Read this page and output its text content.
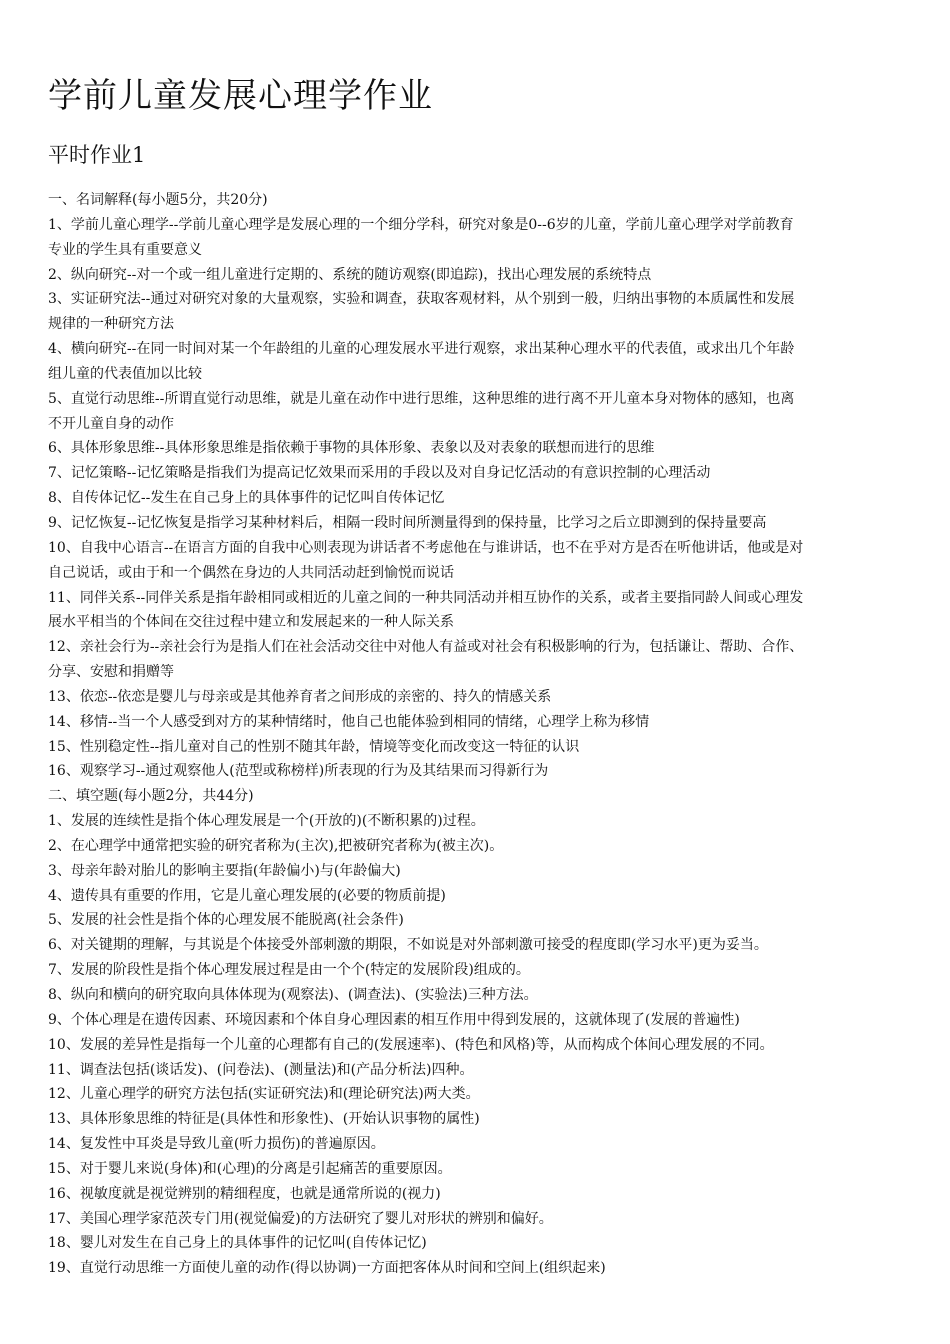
学前儿童发展心理学作业
平时作业1

一、名词解释(每小题5分，共20分)

1、学前儿童心理学--学前儿童心理学是发展心理的一个细分学科，研究对象是0--6岁的儿童，学前儿童心理学对学前教育

专业的学生具有重要意义

2、纵向研究--对一个或一组儿童进行定期的、系统的随访观察(即追踪)，找出心理发展的系统特点

3、实证研究法--通过对研究对象的大量观察，实验和调查，获取客观材料，从个别到一般，归纳出事物的本质属性和发展

规律的一种研究方法

4、横向研究--在同一时间对某一个年龄组的儿童的心理发展水平进行观察，求出某种心理水平的代表值，或求出几个年龄

组儿童的代表值加以比较

5、直觉行动思维--所谓直觉行动思维，就是儿童在动作中进行思维，这种思维的进行离不开儿童本身对物体的感知，也离

不开儿童自身的动作

6、具体形象思维--具体形象思维是指依赖于事物的具体形象、表象以及对表象的联想而进行的思维

7、记忆策略--记忆策略是指我们为提高记忆效果而采用的手段以及对自身记忆活动的有意识控制的心理活动

8、自传体记忆--发生在自己身上的具体事件的记忆叫自传体记忆

9、记忆恢复--记忆恢复是指学习某种材料后，相隔一段时间所测量得到的保持量，比学习之后立即测到的保持量要高

10、自我中心语言--在语言方面的自我中心则表现为讲话者不考虑他在与谁讲话，也不在乎对方是否在听他讲话，他或是对

自己说话，或由于和一个偶然在身边的人共同活动赶到愉悦而说话

11、同伴关系--同伴关系是指年龄相同或相近的儿童之间的一种共同活动并相互协作的关系，或者主要指同龄人间或心理发

展水平相当的个体间在交往过程中建立和发展起来的一种人际关系

12、亲社会行为--亲社会行为是指人们在社会活动交往中对他人有益或对社会有积极影响的行为，包括谦让、帮助、合作、

分享、安慰和捐赠等

13、依恋--依恋是婴儿与母亲或是其他养育者之间形成的亲密的、持久的情感关系

14、移情--当一个人感受到对方的某种情绪时，他自己也能体验到相同的情绪，心理学上称为移情

15、性别稳定性--指儿童对自己的性别不随其年龄，情境等变化而改变这一特征的认识

16、观察学习--通过观察他人(范型或称榜样)所表现的行为及其结果而习得新行为

二、填空题(每小题2分，共44分)

1、发展的连续性是指个体心理发展是一个(开放的)(不断积累的)过程。

2、在心理学中通常把实验的研究者称为(主次),把被研究者称为(被主次)。

3、母亲年龄对胎儿的影响主要指(年龄偏小)与(年龄偏大)

4、遗传具有重要的作用，它是儿童心理发展的(必要的物质前提)

5、发展的社会性是指个体的心理发展不能脱离(社会条件)

6、对关键期的理解，与其说是个体接受外部刺激的期限，不如说是对外部刺激可接受的程度即(学习水平)更为妥当。

7、发展的阶段性是指个体心理发展过程是由一个个(特定的发展阶段)组成的。

8、纵向和横向的研究取向具体体现为(观察法)、(调查法)、(实验法)三种方法。

9、个体心理是在遗传因素、环境因素和个体自身心理因素的相互作用中得到发展的，这就体现了(发展的普遍性)

10、发展的差异性是指每一个儿童的心理都有自己的(发展速率)、(特色和风格)等，从而构成个体间心理发展的不同。

11、调查法包括(谈话发)、(问卷法)、(测量法)和(产品分析法)四种。

12、儿童心理学的研究方法包括(实证研究法)和(理论研究法)两大类。

13、具体形象思维的特征是(具体性和形象性)、(开始认识事物的属性)

14、复发性中耳炎是导致儿童(听力损伤)的普遍原因。

15、对于婴儿来说(身体)和(心理)的分离是引起痛苦的重要原因。

16、视敏度就是视觉辨别的精细程度，也就是通常所说的(视力)

17、美国心理学家范茨专门用(视觉偏爱)的方法研究了婴儿对形状的辨别和偏好。

18、婴儿对发生在自己身上的具体事件的记忆叫(自传体记忆)

19、直觉行动思维一方面使儿童的动作(得以协调)一方面把客体从时间和空间上(组织起来)
